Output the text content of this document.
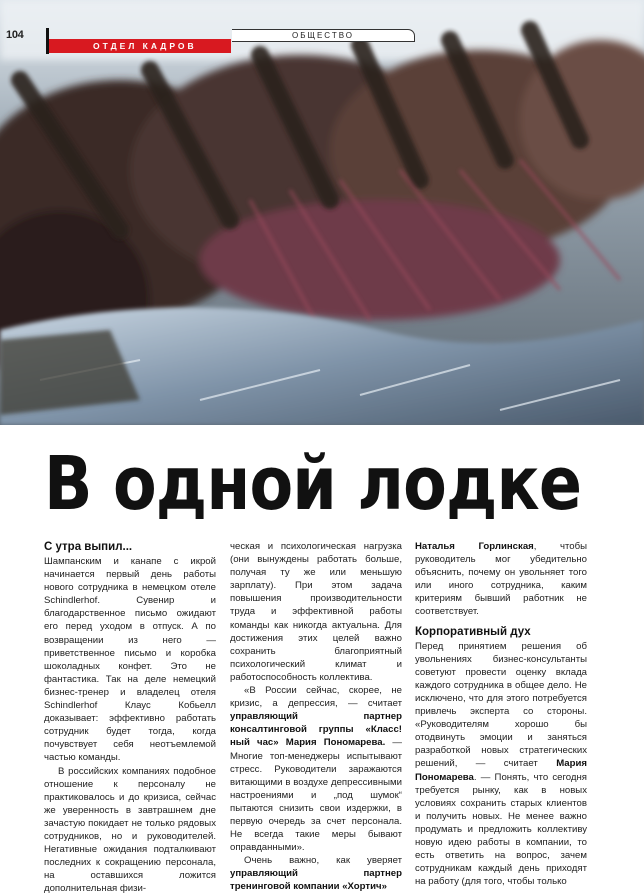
104
ОТДЕЛ КАДРОВ
ОБЩЕСТВО
В одной лодке
С утра выпил...

Шампанским и канапе с икрой начинается первый день работы нового сотрудника в немецком отеле Schindlerhof. Сувенир и благодарственное письмо ожидают его перед уходом в отпуск. А по возвращении из него — приветственное письмо и коробка шоколадных конфет. Это не фантастика. Так на деле немецкий бизнес-тренер и владелец отеля Schindlerhof Клаус Кобьелл доказывает: эффективно работать сотрудник будет тогда, когда почувствует себя неотъемлемой частью команды.

В российских компаниях подобное отношение к персоналу не практиковалось и до кризиса, сейчас же уверенность в завтрашнем дне зачастую покидает не только рядовых сотрудников, но и руководителей. Негативные ожидания подталкивают последних к сокращению персонала, на оставшихся ложится дополнительная физи-

ческая и психологическая нагрузка (они вынуждены работать больше, получая ту же или меньшую зарплату). При этом задача повышения производительности труда и эффективной работы команды как никогда актуальна. Для достижения этих целей важно сохранить благоприятный психологический климат и работоспособность коллектива.

«В России сейчас, скорее, не кризис, а депрессия, — считает управляющий партнер консалтинговой группы «Класс!ный час» Мария Пономарева. — Многие топ-менеджеры испытывают стресс. Руководители заражаются витающими в воздухе депрессивными настроениями и „под шумок“ пытаются снизить свои издержки, в первую очередь за счет персонала. Не всегда такие меры бывают оправданными».

Очень важно, как уверяет управляющий партнер тренинговой компании «Хортич»

Наталья Горлинская, чтобы руководитель мог убедительно объяснить, почему он увольняет того или иного сотрудника, каким критериям бывший работник не соответствует.

Корпоративный дух

Перед принятием решения об увольнениях бизнес-консультанты советуют провести оценку вклада каждого сотрудника в общее дело. Не исключено, что для этого потребуется привлечь эксперта со стороны. «Руководителям хорошо бы отодвинуть эмоции и заняться разработкой новых стратегических решений, — считает Мария Пономарева. — Понять, что сегодня требуется рынку, как в новых условиях сохранить старых клиентов и получить новых. Не менее важно продумать и предложить коллективу новую идею работы в компании, то есть ответить на вопрос, зачем сотрудникам каждый день приходят на работу (для того, чтобы только
